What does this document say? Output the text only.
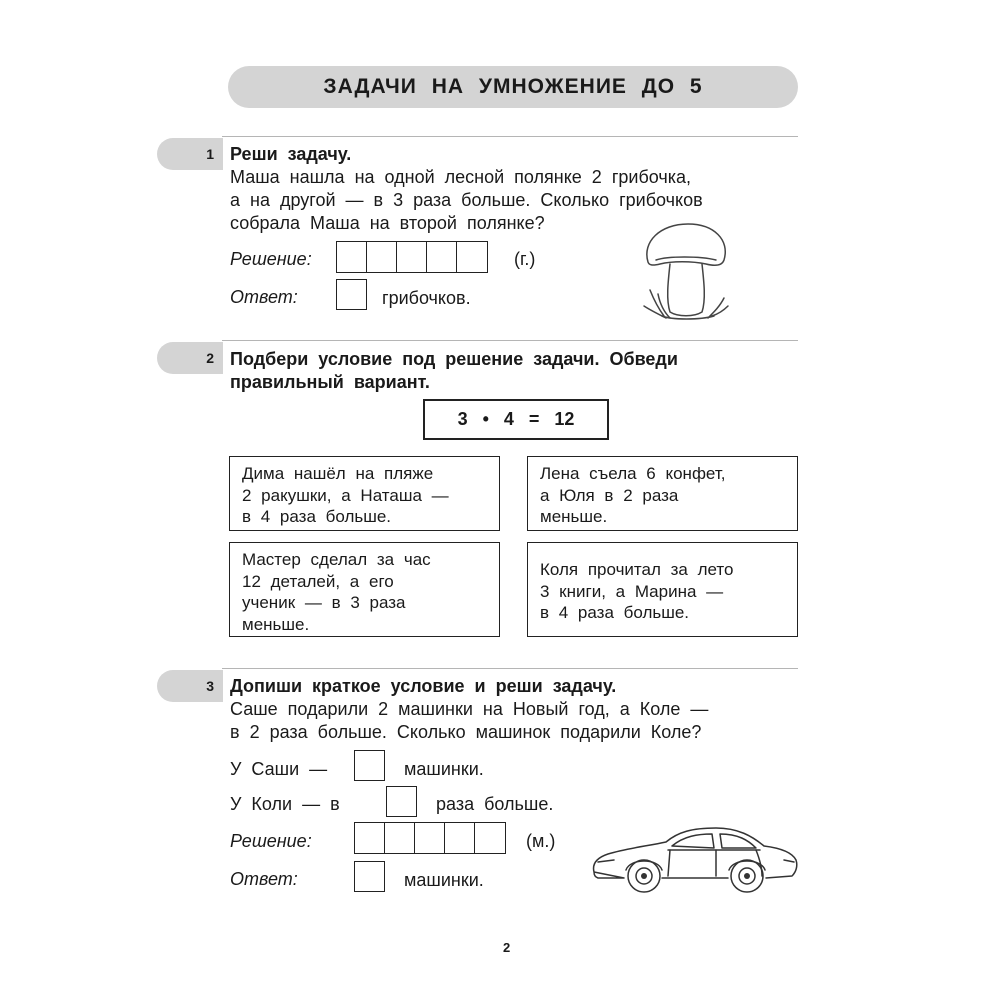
ЗАДАЧИ НА УМНОЖЕНИЕ ДО 5
1 Реши задачу.
Маша нашла на одной лесной полянке 2 грибочка,
а на другой — в 3 раза больше. Сколько грибочков
собрала Маша на второй полянке?
Решение:	(г.)
Ответ:	грибочков.
2 Подбери условие под решение задачи. Обведи
правильный вариант.
3 • 4 = 12
Дима нашёл на пляже
2 ракушки, а Наташа —
в 4 раза больше.
Лена съела 6 конфет,
а Юля в 2 раза
меньше.
Мастер сделал за час
12 деталей, а его
ученик — в 3 раза
меньше.
Коля прочитал за лето
3 книги, а Марина —
в 4 раза больше.
3 Допиши краткое условие и реши задачу.
Саше подарили 2 машинки на Новый год, а Коле —
в 2 раза больше. Сколько машинок подарили Коле?
У Саши —	машинки.
У Коли — в	раза больше.
Решение:	(м.)
Ответ:	машинки.
2
